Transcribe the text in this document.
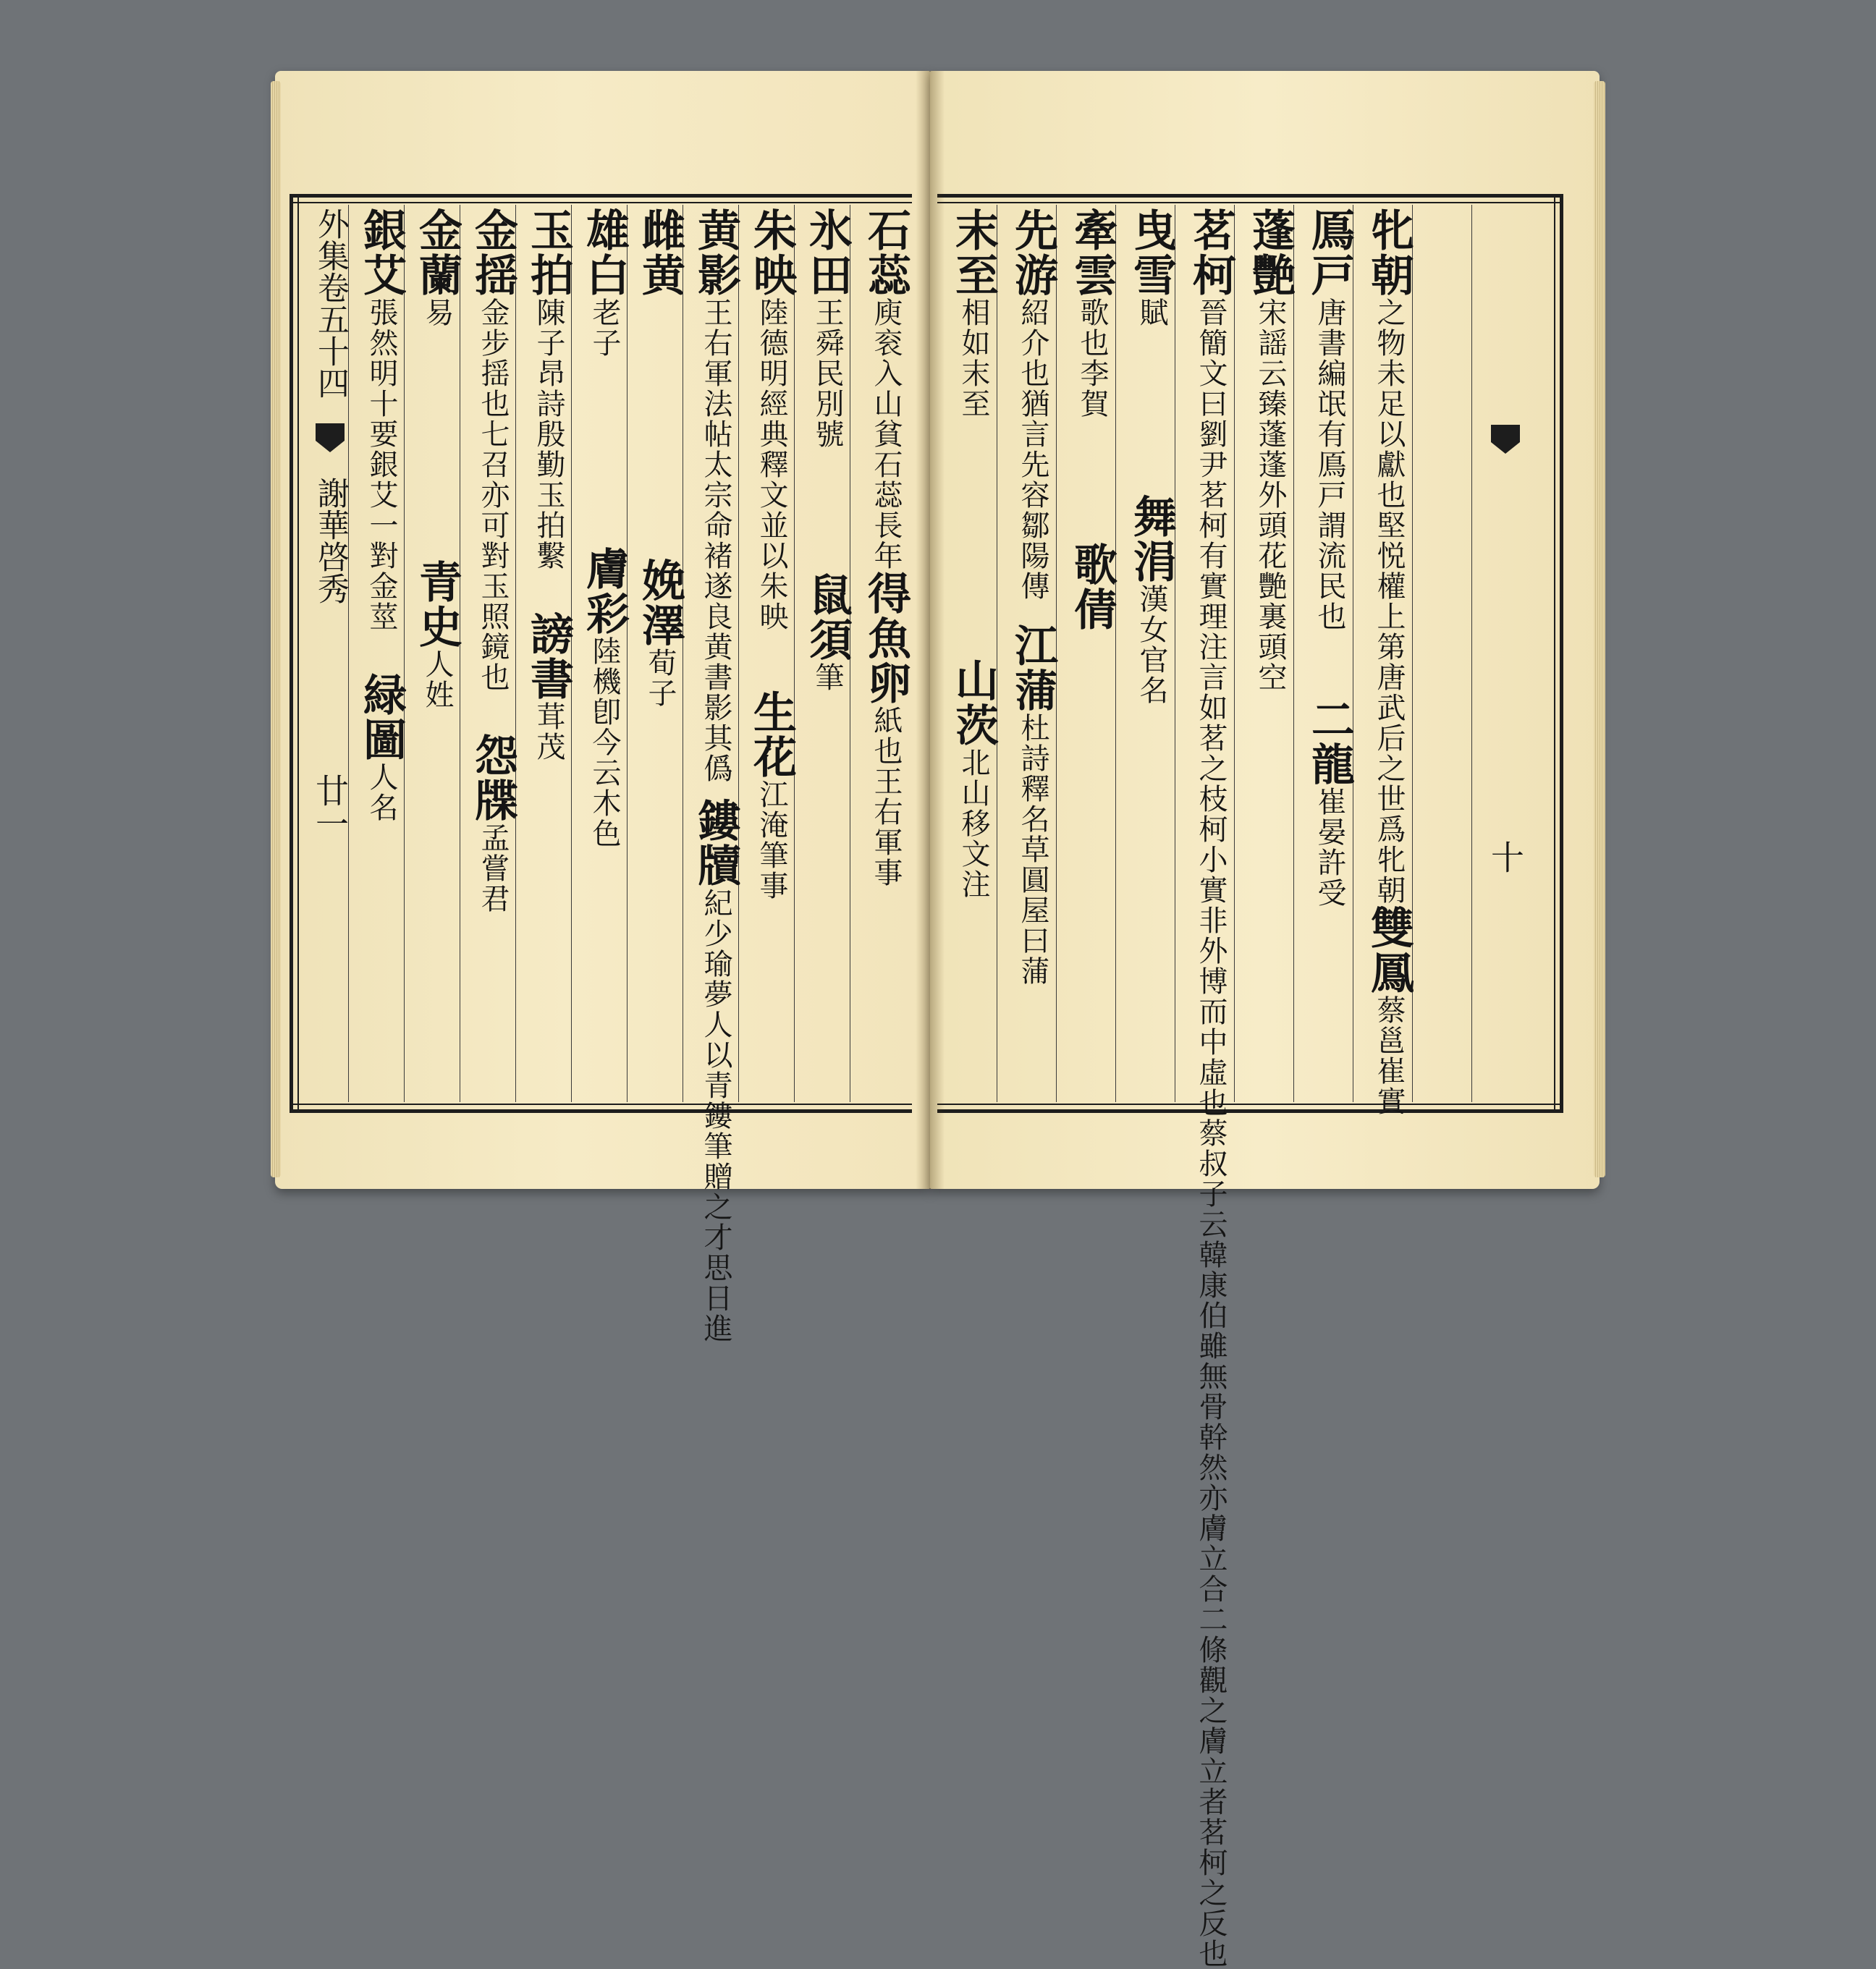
外集卷五十四  謝華啓秀 廿一
銀艾張然明十要銀艾一對金莖緑圖人名
金蘭易青史人姓
金揺金步揺也七召亦可對玉照鏡也怨牒孟嘗君
玉拍陳子昂詩殷勤玉拍繫謗書茸茂
雄白老子膚彩陸機卽今云木色
雌黄娩澤荀子
黄影王右軍法帖太宗命褚遂良黄書影其僞鏤牘紀少瑜夢人以青鏤筆贈之才思日進
朱映陸德明經典釋文並以朱映生花江淹筆事
氷田王舜民別號鼠須筆
石蕊庾衮入山貧石蕊長年得魚卵紙也王右軍事
末至相如末至山茨北山移文注
先游紹介也猶言先容鄒陽傳江蒲杜詩釋名草圓屋曰蒲
牽雲歌也李賀歌倩
曳雪賦舞涓漢女官名
茗柯晉簡文曰劉尹茗柯有實理注言如茗之枝柯小實非外博而中虛也蔡叔子云韓康伯雖無骨幹然亦膚立合二條觀之膚立者茗柯之反也
蓬艷宋謡云臻蓬蓬外頭花艷裏頭空
鳫戸唐書編氓有鳫戸謂流民也二龍崔晏許受
牝朝之物未足以獻也堅悦權上第唐武后之世爲牝朝雙鳳蔡邕崔實
十
